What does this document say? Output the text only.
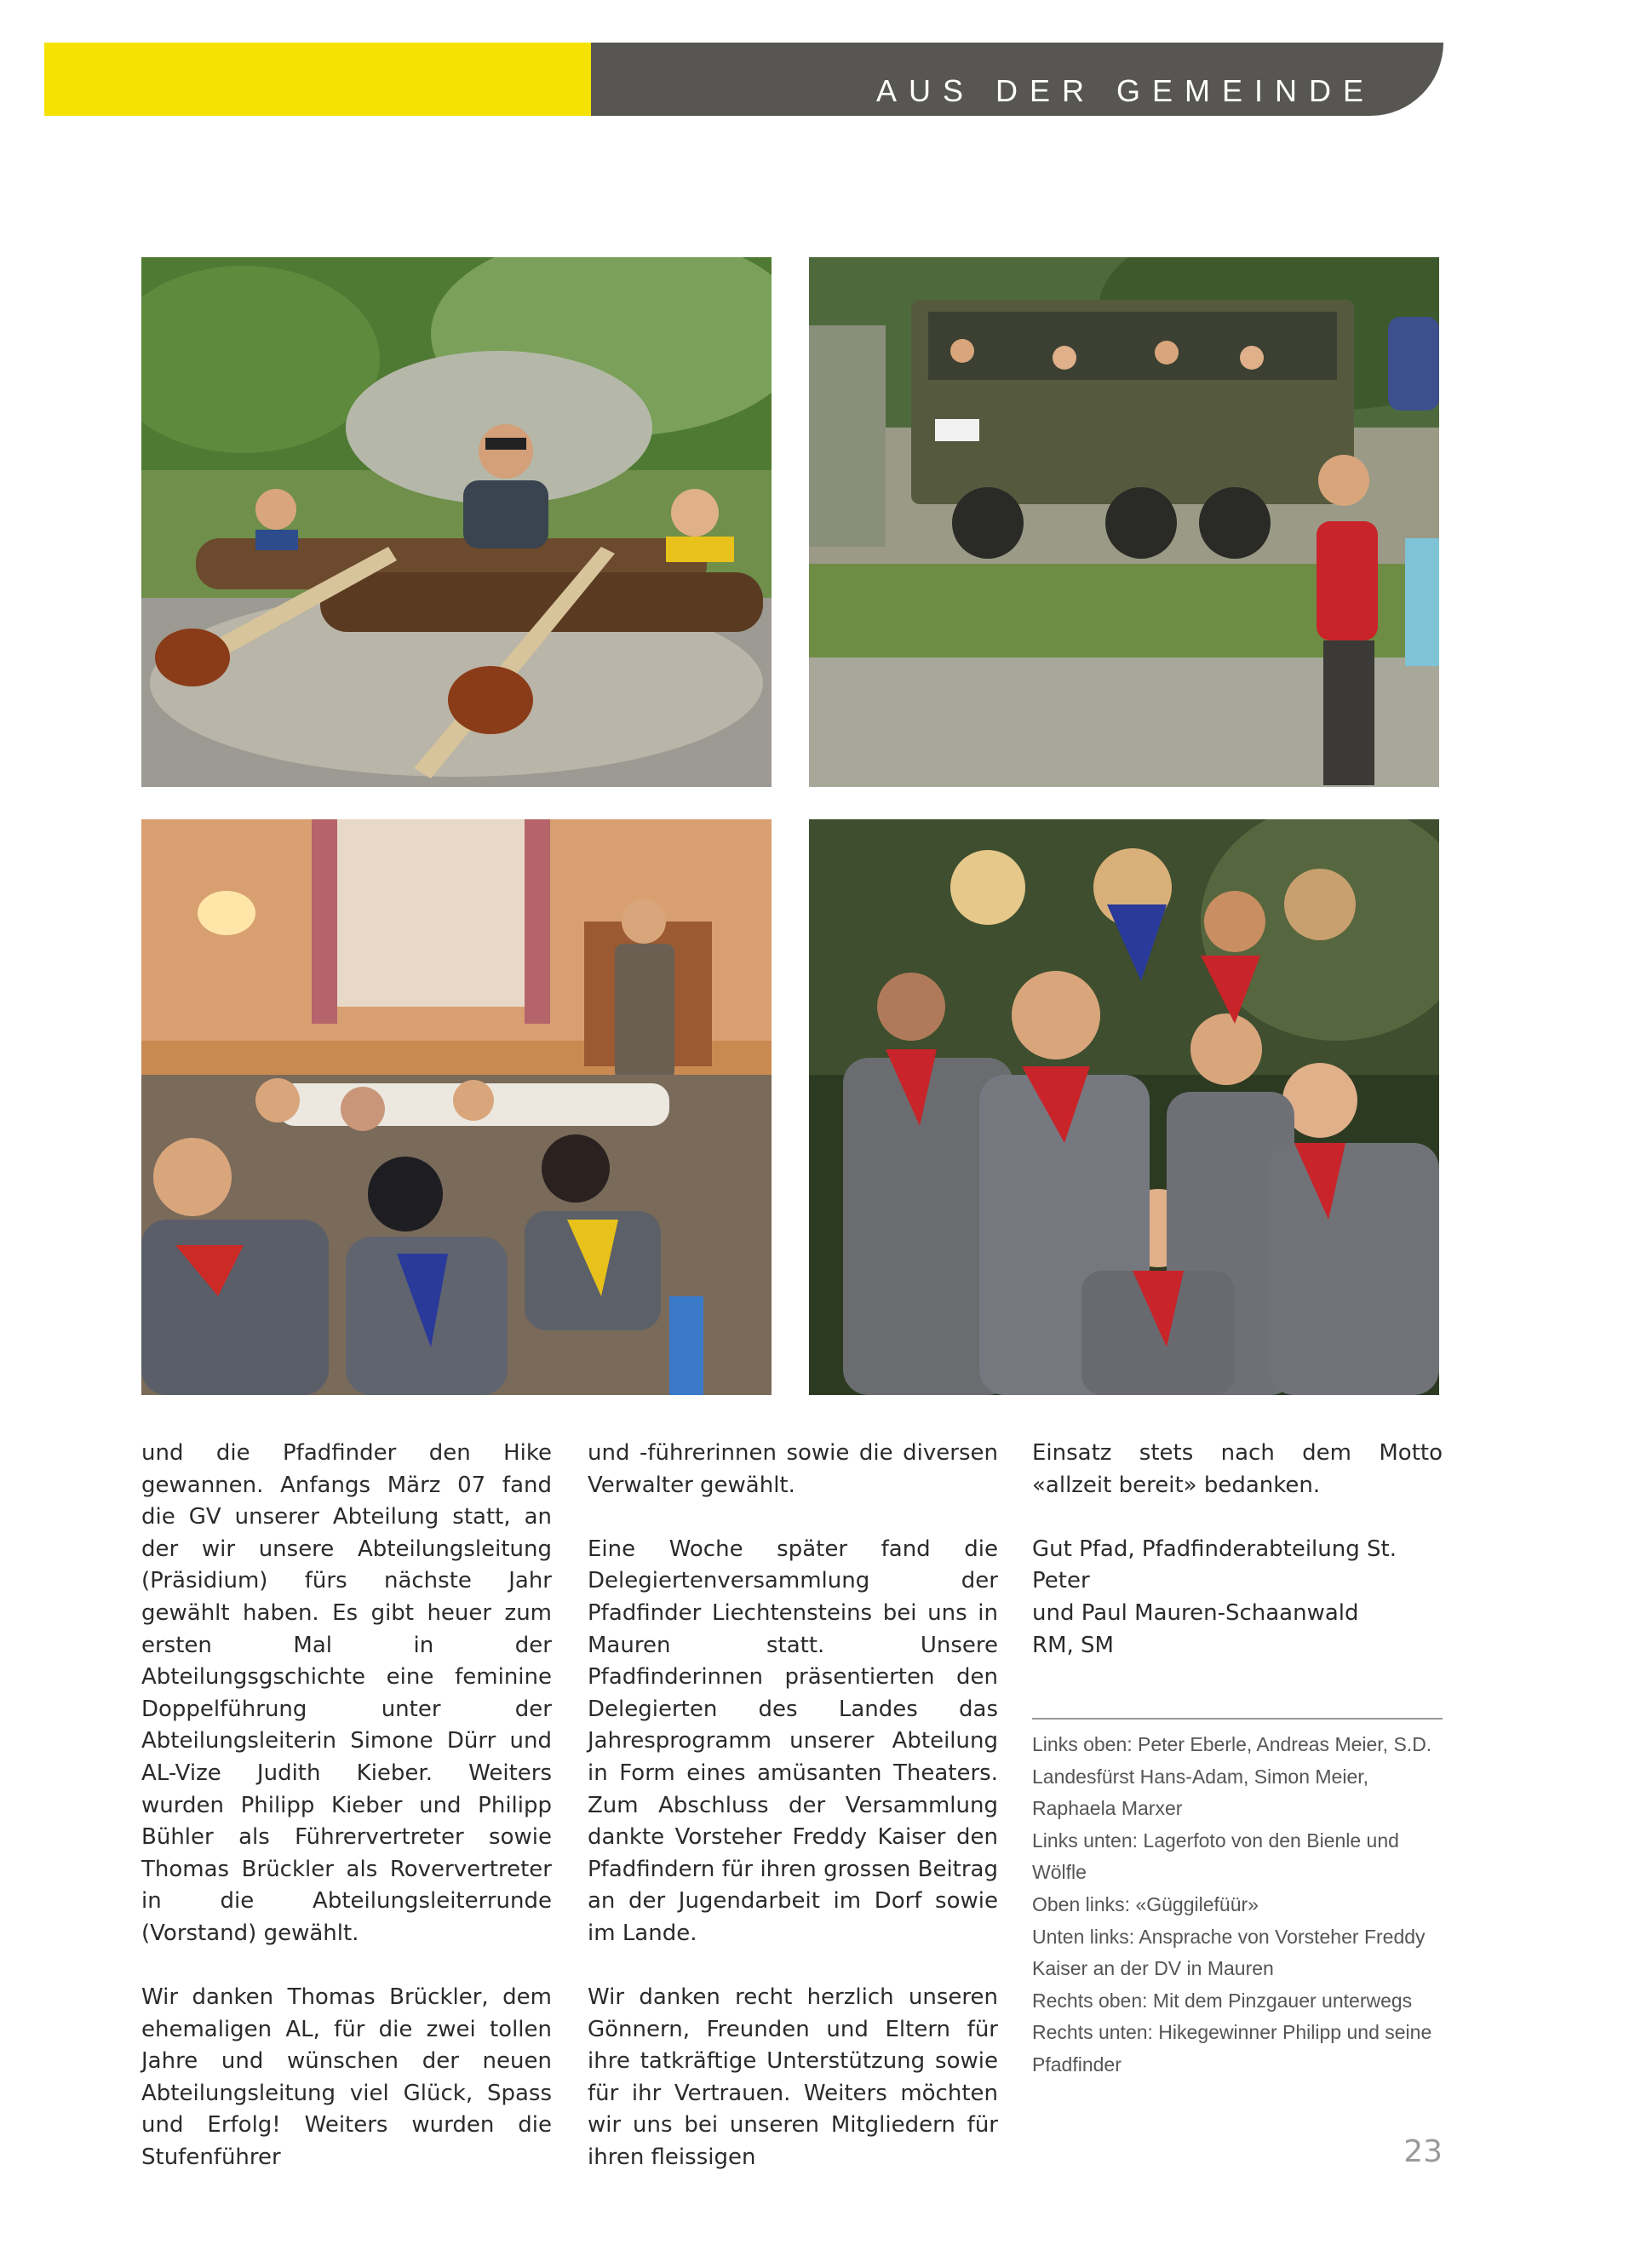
AUS DER GEMEINDE

und die Pfadfinder den Hike gewannen. Anfangs März 07 fand die GV unserer Abteilung statt, an der wir unsere Abteilungsleitung (Präsidium) fürs nächste Jahr gewählt haben. Es gibt heuer zum ersten Mal in der Abteilungsgschichte eine feminine Doppelführung unter der Abteilungsleiterin Simone Dürr und AL-Vize Judith Kieber. Weiters wurden Philipp Kieber und Philipp Bühler als Führervertreter sowie Thomas Brückler als Roververtreter in die Abteilungsleiterrunde (Vorstand) gewählt.

Wir danken Thomas Brückler, dem ehemaligen AL, für die zwei tollen Jahre und wünschen der neuen Abteilungsleitung viel Glück, Spass und Erfolg! Weiters wurden die Stufenführer

und -führerinnen sowie die diversen Verwalter gewählt.

Eine Woche später fand die Delegiertenversammlung der Pfadfinder Liechtensteins bei uns in Mauren statt. Unsere Pfadfinderinnen präsentierten den Delegierten des Landes das Jahresprogramm unserer Abteilung in Form eines amüsanten Theaters. Zum Abschluss der Versammlung dankte Vorsteher Freddy Kaiser den Pfadfindern für ihren grossen Beitrag an der Jugendarbeit im Dorf sowie im Lande.

Wir danken recht herzlich unseren Gönnern, Freunden und Eltern für ihre tatkräftige Unterstützung sowie für ihr Vertrauen. Weiters möchten wir uns bei unseren Mitgliedern für ihren fleissigen

Einsatz stets nach dem Motto «allzeit bereit» bedanken.

Gut Pfad, Pfadfinderabteilung St. Peter
und Paul Mauren-Schaanwald
RM, SM

Links oben: Peter Eberle, Andreas Meier, S.D. Landesfürst Hans-Adam, Simon Meier, Raphaela Marxer
Links unten: Lagerfoto von den Bienle und Wölfle
Oben links: «Güggilefüür»
Unten links: Ansprache von Vorsteher Freddy Kaiser an der DV in Mauren
Rechts oben: Mit dem Pinzgauer unterwegs
Rechts unten: Hikegewinner Philipp und seine Pfadfinder
23
